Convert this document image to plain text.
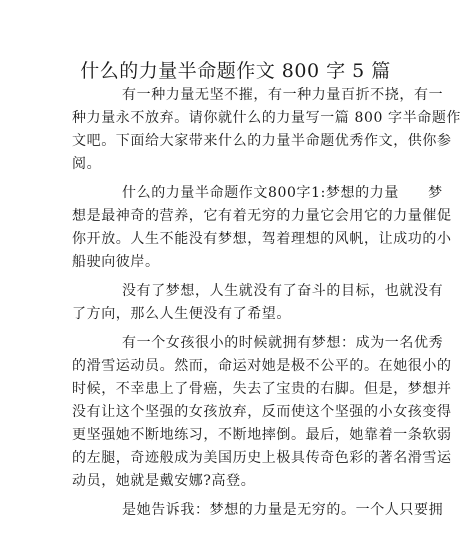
什么的力量半命题作文 800 字 5 篇
有一种力量无坚不摧，有一种力量百折不挠，有一
种力量永不放弃。请你就什么的力量写一篇 800 字半命题作
文吧。下面给大家带来什么的力量半命题优秀作文，供你参
阅。
什么的力量半命题作文800字1:梦想的力量　　梦
想是最神奇的营养，它有着无穷的力量它会用它的力量催促
你开放。人生不能没有梦想，驾着理想的风帆，让成功的小
船驶向彼岸。
没有了梦想，人生就没有了奋斗的目标，也就没有
了方向，那么人生便没有了希望。
有一个女孩很小的时候就拥有梦想：成为一名优秀
的滑雪运动员。然而，命运对她是极不公平的。在她很小的
时候，不幸患上了骨癌，失去了宝贵的右脚。但是，梦想并
没有让这个坚强的女孩放弃，反而使这个坚强的小女孩变得
更坚强她不断地练习，不断地摔倒。最后，她靠着一条软弱
的左腿，奇迹般成为美国历史上极具传奇色彩的著名滑雪运
动员，她就是戴安娜?高登。
是她告诉我：梦想的力量是无穷的。一个人只要拥
